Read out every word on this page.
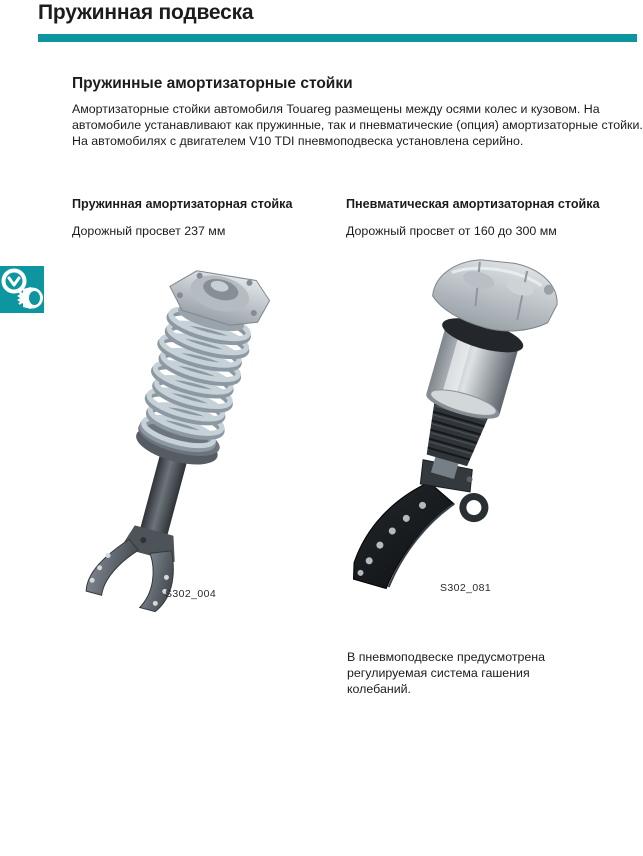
Пружинная подвеска
Пружинные амортизаторные стойки
Амортизаторные стойки автомобиля Touareg размещены между осями колес и кузовом. На
автомобиле устанавливают как пружинные, так и пневматические (опция) амортизаторные стойки.
На автомобилях с двигателем V10 TDI пневмоподвеска установлена серийно.
Пружинная амортизаторная стойка	Пневматическая амортизаторная стойка
Дорожный просвет 237 мм	Дорожный просвет от 160 до 300 мм
S302_004	S302_081
В пневмоподвеске предусмотрена
регулируемая система гашения
колебаний.
